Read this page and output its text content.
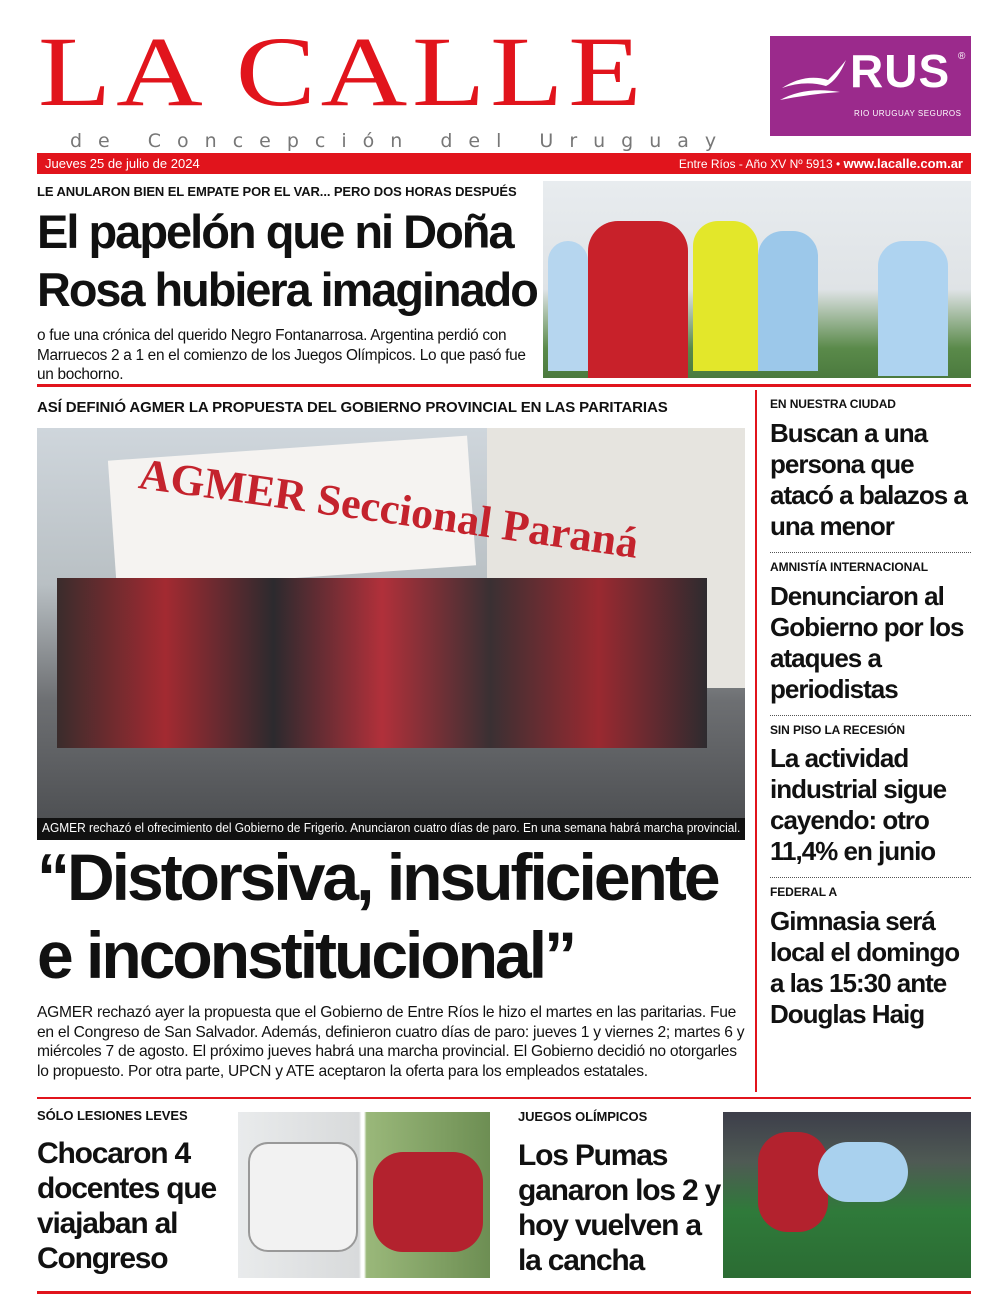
LA CALLE
de Concepción del Uruguay
RUS ®
RIO URUGUAY SEGUROS
Jueves 25 de julio de 2024	Entre Ríos - Año XV Nº 5913 • www.lacalle.com.ar
LE ANULARON BIEN EL EMPATE POR EL VAR... PERO DOS HORAS DESPUÉS
El papelón que ni Doña
Rosa hubiera imaginado
o fue una crónica del querido Negro Fontanarrosa. Argentina perdió con Marruecos 2 a 1 en el comienzo de los Juegos Olímpicos. Lo que pasó fue un bochorno.
ASÍ DEFINIÓ AGMER LA PROPUESTA DEL GOBIERNO PROVINCIAL EN LAS PARITARIAS
AGMER Seccional Paraná
AGMER rechazó el ofrecimiento del Gobierno de Frigerio. Anunciaron cuatro días de paro. En una semana habrá marcha provincial.
“Distorsiva, insuficiente
e inconstitucional”
AGMER rechazó ayer la propuesta que el Gobierno de Entre Ríos le hizo el martes en las paritarias. Fue en el Congreso de San Salvador. Además, definieron cuatro días de paro: jueves 1 y viernes 2; martes 6 y miércoles 7 de agosto. El próximo jueves habrá una marcha provincial. El Gobierno decidió no otorgarles lo propuesto. Por otra parte, UPCN y ATE aceptaron la oferta para los empleados estatales.
EN NUESTRA CIUDAD
Buscan a una persona que atacó a balazos a una menor
AMNISTÍA INTERNACIONAL
Denunciaron al Gobierno por los ataques a periodistas
SIN PISO LA RECESIÓN
La actividad industrial sigue cayendo: otro 11,4% en junio
FEDERAL A
Gimnasia será local el domingo a las 15:30 ante Douglas Haig
SÓLO LESIONES LEVES
Chocaron 4 docentes que viajaban al Congreso
JUEGOS OLÍMPICOS
Los Pumas ganaron los 2 y hoy vuelven a la cancha
